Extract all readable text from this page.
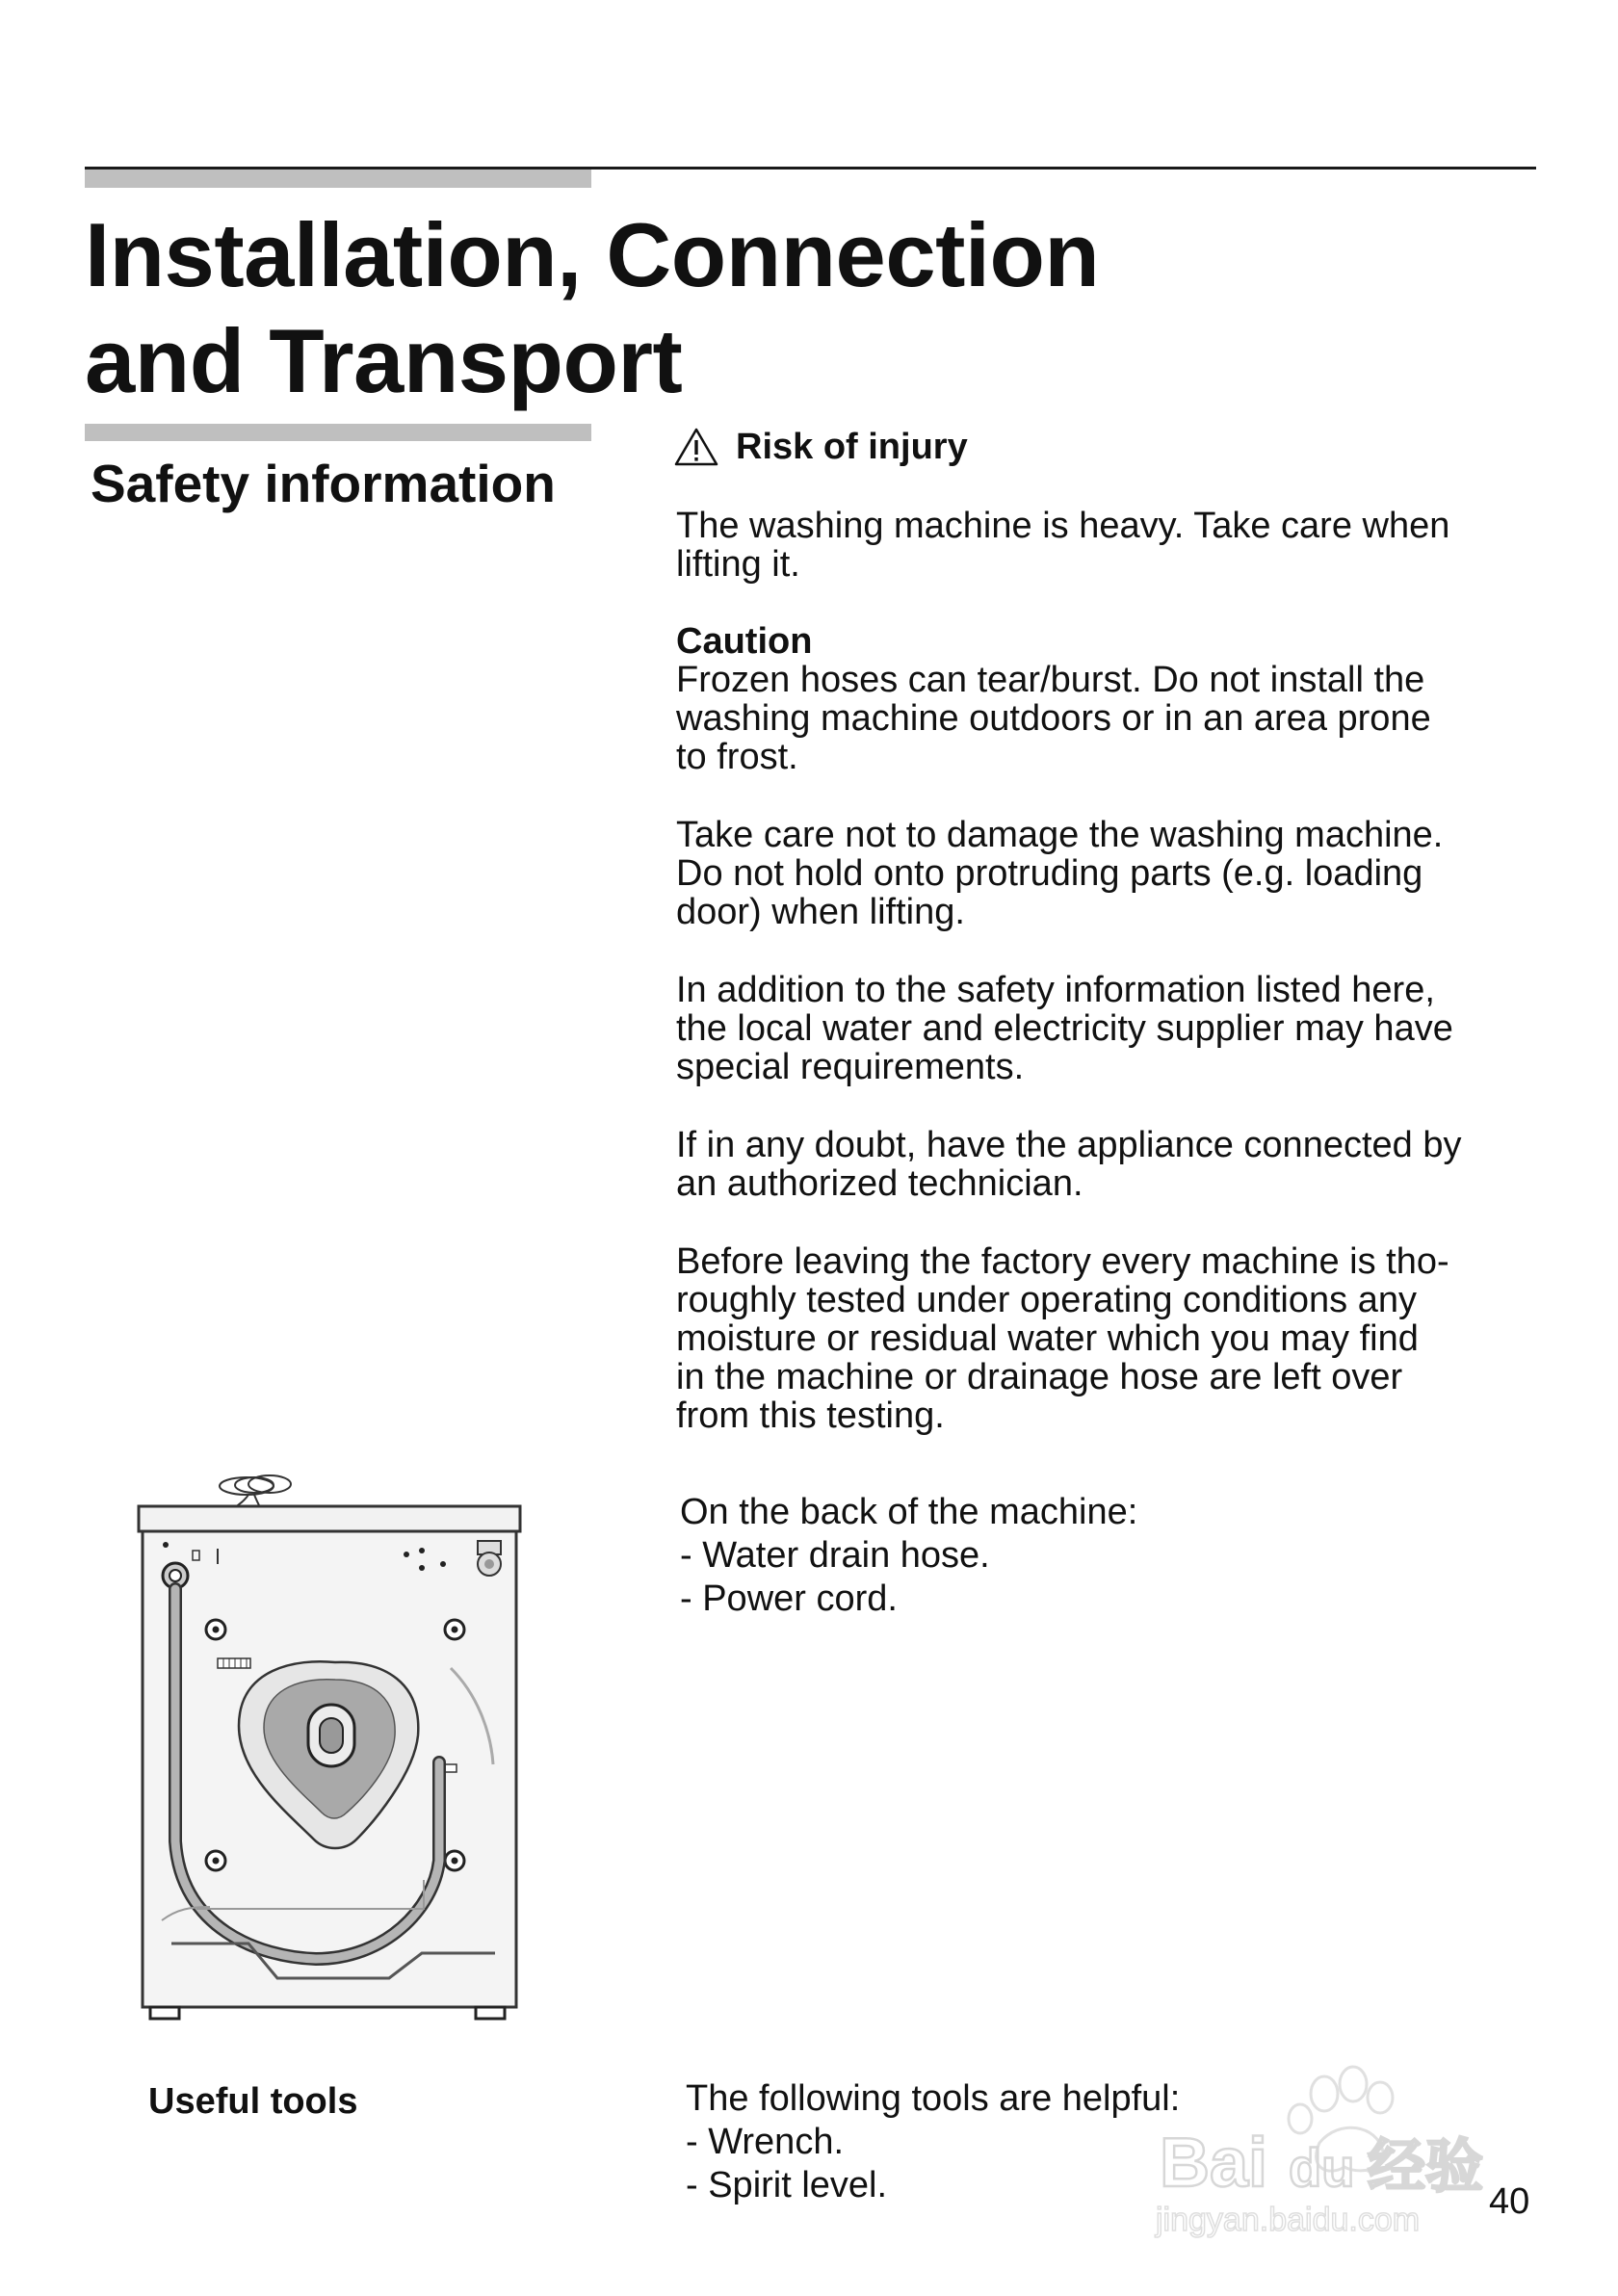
Installation, Connection
and Transport
Safety information
Risk of injury
The washing machine is heavy. Take care when
lifting it.
Caution
Frozen hoses can tear/burst. Do not install the
washing machine outdoors or in an area prone
to frost.
Take care not to damage the washing machine.
Do not hold onto protruding parts (e.g. loading
door) when lifting.
In addition to the safety information listed here,
the local water and electricity supplier may have
special requirements.
If in any doubt, have the appliance connected by
an authorized technician.
Before leaving the factory every machine is tho-
roughly tested under operating conditions any
moisture or residual water which you may find
in the machine or drainage hose are left over
from this testing.
On the back of the machine:
- Water drain hose.
- Power cord.
Useful tools	The following tools are helpful:
- Wrench.
- Spirit level.	Bai du 经验
jingyan.baidu.com 40
